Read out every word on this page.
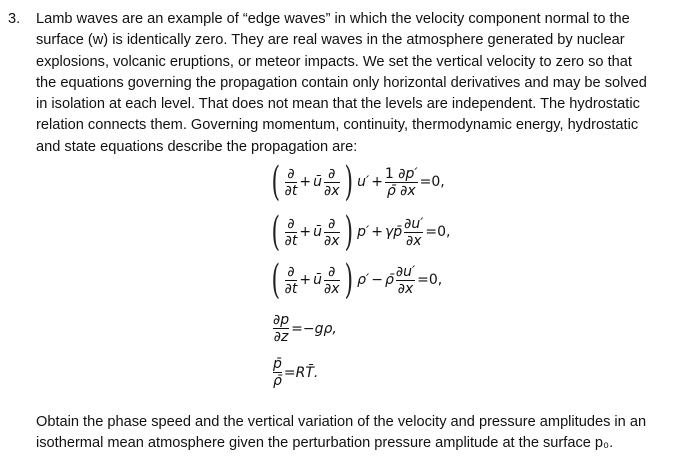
3. Lamb waves are an example of “edge waves” in which the velocity component normal to the
surface (w) is identically zero. They are real waves in the atmosphere generated by nuclear
explosions, volcanic eruptions, or meteor impacts. We set the vertical velocity to zero so that
the equations governing the propagation contain only horizontal derivatives and may be solved
in isolation at each level. That does not mean that the levels are independent. The hydrostatic
relation connects them. Governing momentum, continuity, thermodynamic energy, hydrostatic
and state equations describe the propagation are:

( $\frac{\partial}{\partial t}$ + ū $\frac{\partial}{\partial x}$ ) $u' + \frac{1 \partial p'}{\rhō \partial x} =0$,
( $\frac{\partial}{\partial t}$ + ū $\frac{\partial}{\partial x}$ ) p′ + γp̄ $\frac{\partial u'}{\partial x} =0$,
( $\frac{\partial}{\partial t}$ + ū $\frac{\partial}{\partial x}$ ) ρ′ − ρ̄ $\frac{\partial u'}{\partial x} =0$,
$\frac{\partial p}{\partial z} =-g\rho$,
$\frac{p̄}{\rhō}$ =RT̄.

Obtain the phase speed and the vertical variation of the velocity and pressure amplitudes in an
isothermal mean atmosphere given the perturbation pressure amplitude at the surface p₀.
